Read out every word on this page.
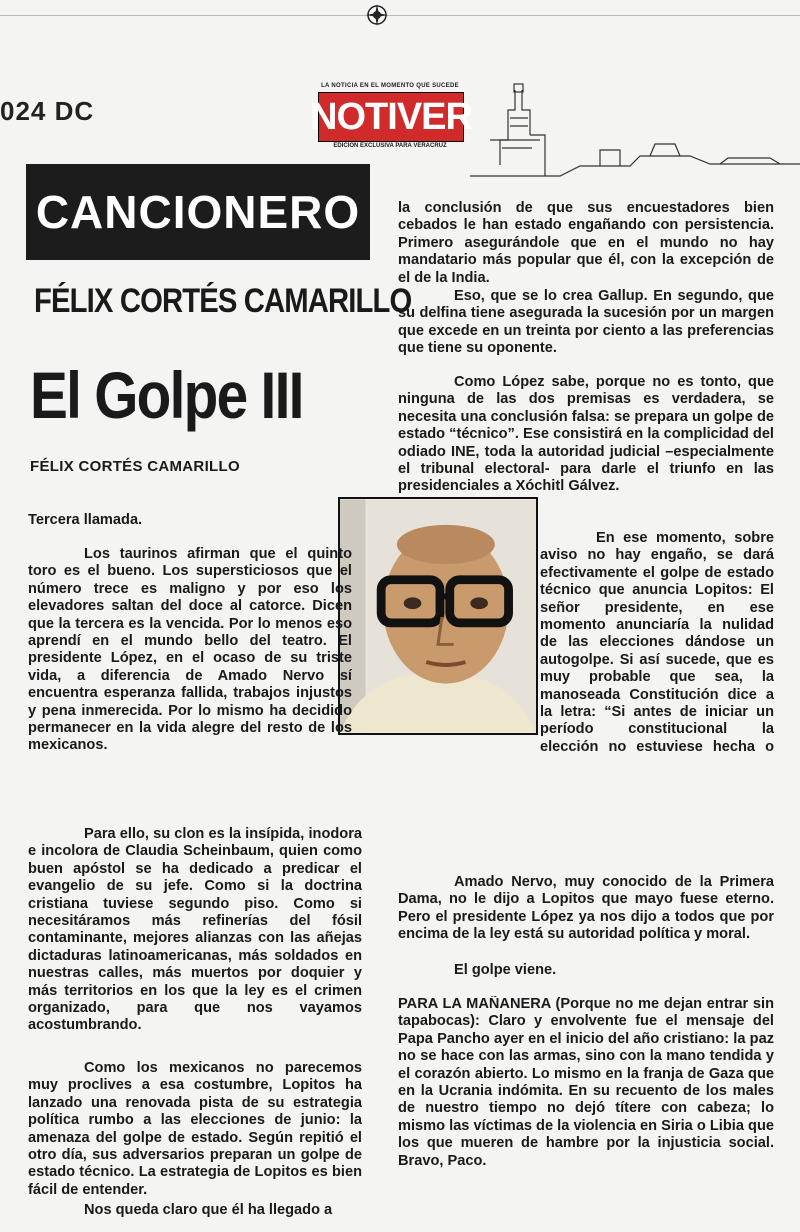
024 DC
LA NOTICIA EN EL MOMENTO QUE SUCEDE
NOTIVER
EDICIÓN EXCLUSIVA PARA VERACRUZ
CANCIONERO
FÉLIX CORTÉS CAMARILLO
El Golpe III
FÉLIX CORTÉS CAMARILLO

Tercera llamada.

Los taurinos afirman que el quinto toro es el bueno. Los supersticiosos que el número trece es maligno y por eso los elevadores saltan del doce al catorce. Dicen que la tercera es la vencida. Por lo menos eso aprendí en el mundo bello del teatro. El presidente López, en el ocaso de su triste vida, a diferencia de Amado Nervo sí encuentra esperanza fallida, trabajos injustos y pena inmerecida. Por lo mismo ha decidido permanecer en la vida alegre del resto de los mexicanos.

Para ello, su clon es la insípida, inodora e incolora de Claudia Scheinbaum, quien como buen apóstol se ha dedicado a predicar el evangelio de su jefe. Como si la doctrina cristiana tuviese segundo piso. Como si necesitáramos más refinerías del fósil contaminante, mejores alianzas con las añejas dictaduras latinoamericanas, más soldados en nuestras calles, más muertos por doquier y más territorios en los que la ley es el crimen organizado, para que nos vayamos acostumbrando.

Como los mexicanos no parecemos muy proclives a esa costumbre, Lopitos ha lanzado una renovada pista de su estrategia política rumbo a las elecciones de junio: la amenaza del golpe de estado. Según repitió el otro día, sus adversarios preparan un golpe de estado técnico. La estrategia de Lopitos es bien fácil de entender.

Nos queda claro que él ha llegado a

la conclusión de que sus encuestadores bien cebados le han estado engañando con persistencia. Primero asegurándole que en el mundo no hay mandatario más popular que él, con la excepción de el de la India.

Eso, que se lo crea Gallup. En segundo, que su delfina tiene asegurada la sucesión por un margen que excede en un treinta por ciento a las preferencias que tiene su oponente.

Como López sabe, porque no es tonto, que ninguna de las dos premisas es verdadera, se necesita una conclusión falsa: se prepara un golpe de estado “técnico”. Ese consistirá en la complicidad del odiado INE, toda la autoridad judicial –especialmente el tribunal electoral- para darle el triunfo en las presidenciales a Xóchitl Gálvez.

En ese momento, sobre aviso no hay engaño, se dará efectivamente el golpe de estado técnico que anuncia Lopitos: El señor presidente, en ese momento anunciaría la nulidad de las elecciones dándose un autogolpe. Si así sucede, que es muy probable que sea, la manoseada Constitución dice a la letra: “Si antes de iniciar un período constitucional la elección no estuviese hecha o

Amado Nervo, muy conocido de la Primera Dama, no le dijo a Lopitos que mayo fuese eterno. Pero el presidente López ya nos dijo a todos que por encima de la ley está su autoridad política y moral.

El golpe viene.

PARA LA MAÑANERA (Porque no me dejan entrar sin tapabocas): Claro y envolvente fue el mensaje del Papa Pancho ayer en el inicio del año cristiano: la paz no se hace con las armas, sino con la mano tendida y el corazón abierto. Lo mismo en la franja de Gaza que en la Ucrania indómita. En su recuento de los males de nuestro tiempo no dejó títere con cabeza; lo mismo las víctimas de la violencia en Siria o Libia que los que mueren de hambre por la injusticia social. Bravo, Paco.
